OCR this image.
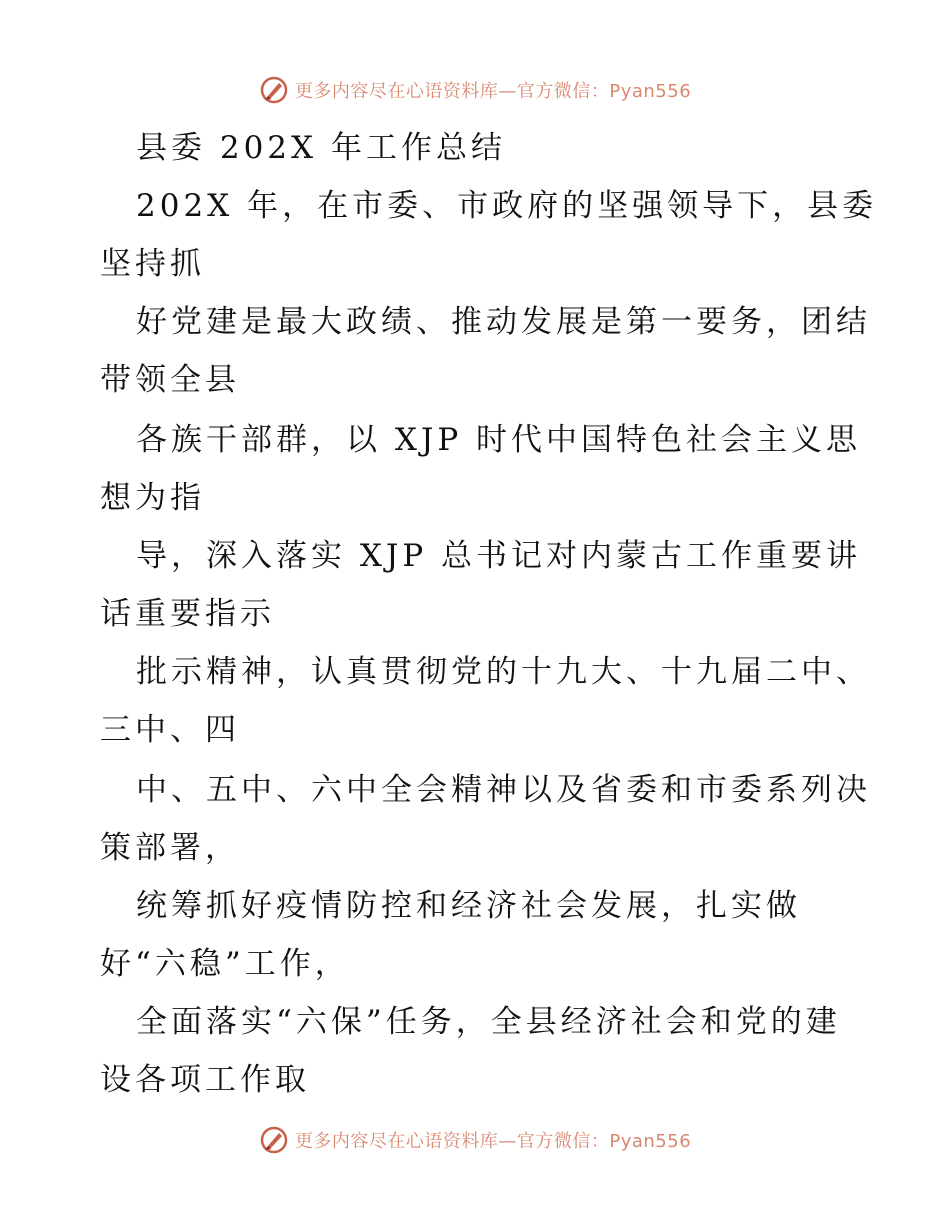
更多内容尽在心语资料库—官方微信：Pyan556
县委 202X 年工作总结
202X 年，在市委、市政府的坚强领导下，县委
坚持抓
好党建是最大政绩、推动发展是第一要务，团结
带领全县
各族干部群，以 XJP 时代中国特色社会主义思
想为指
导，深入落实 XJP 总书记对内蒙古工作重要讲
话重要指示
批示精神，认真贯彻党的十九大、十九届二中、
三中、四
中、五中、六中全会精神以及省委和市委系列决
策部署，
统筹抓好疫情防控和经济社会发展，扎实做
好“六稳”工作，
全面落实“六保”任务，全县经济社会和党的建
设各项工作取
更多内容尽在心语资料库—官方微信：Pyan556
